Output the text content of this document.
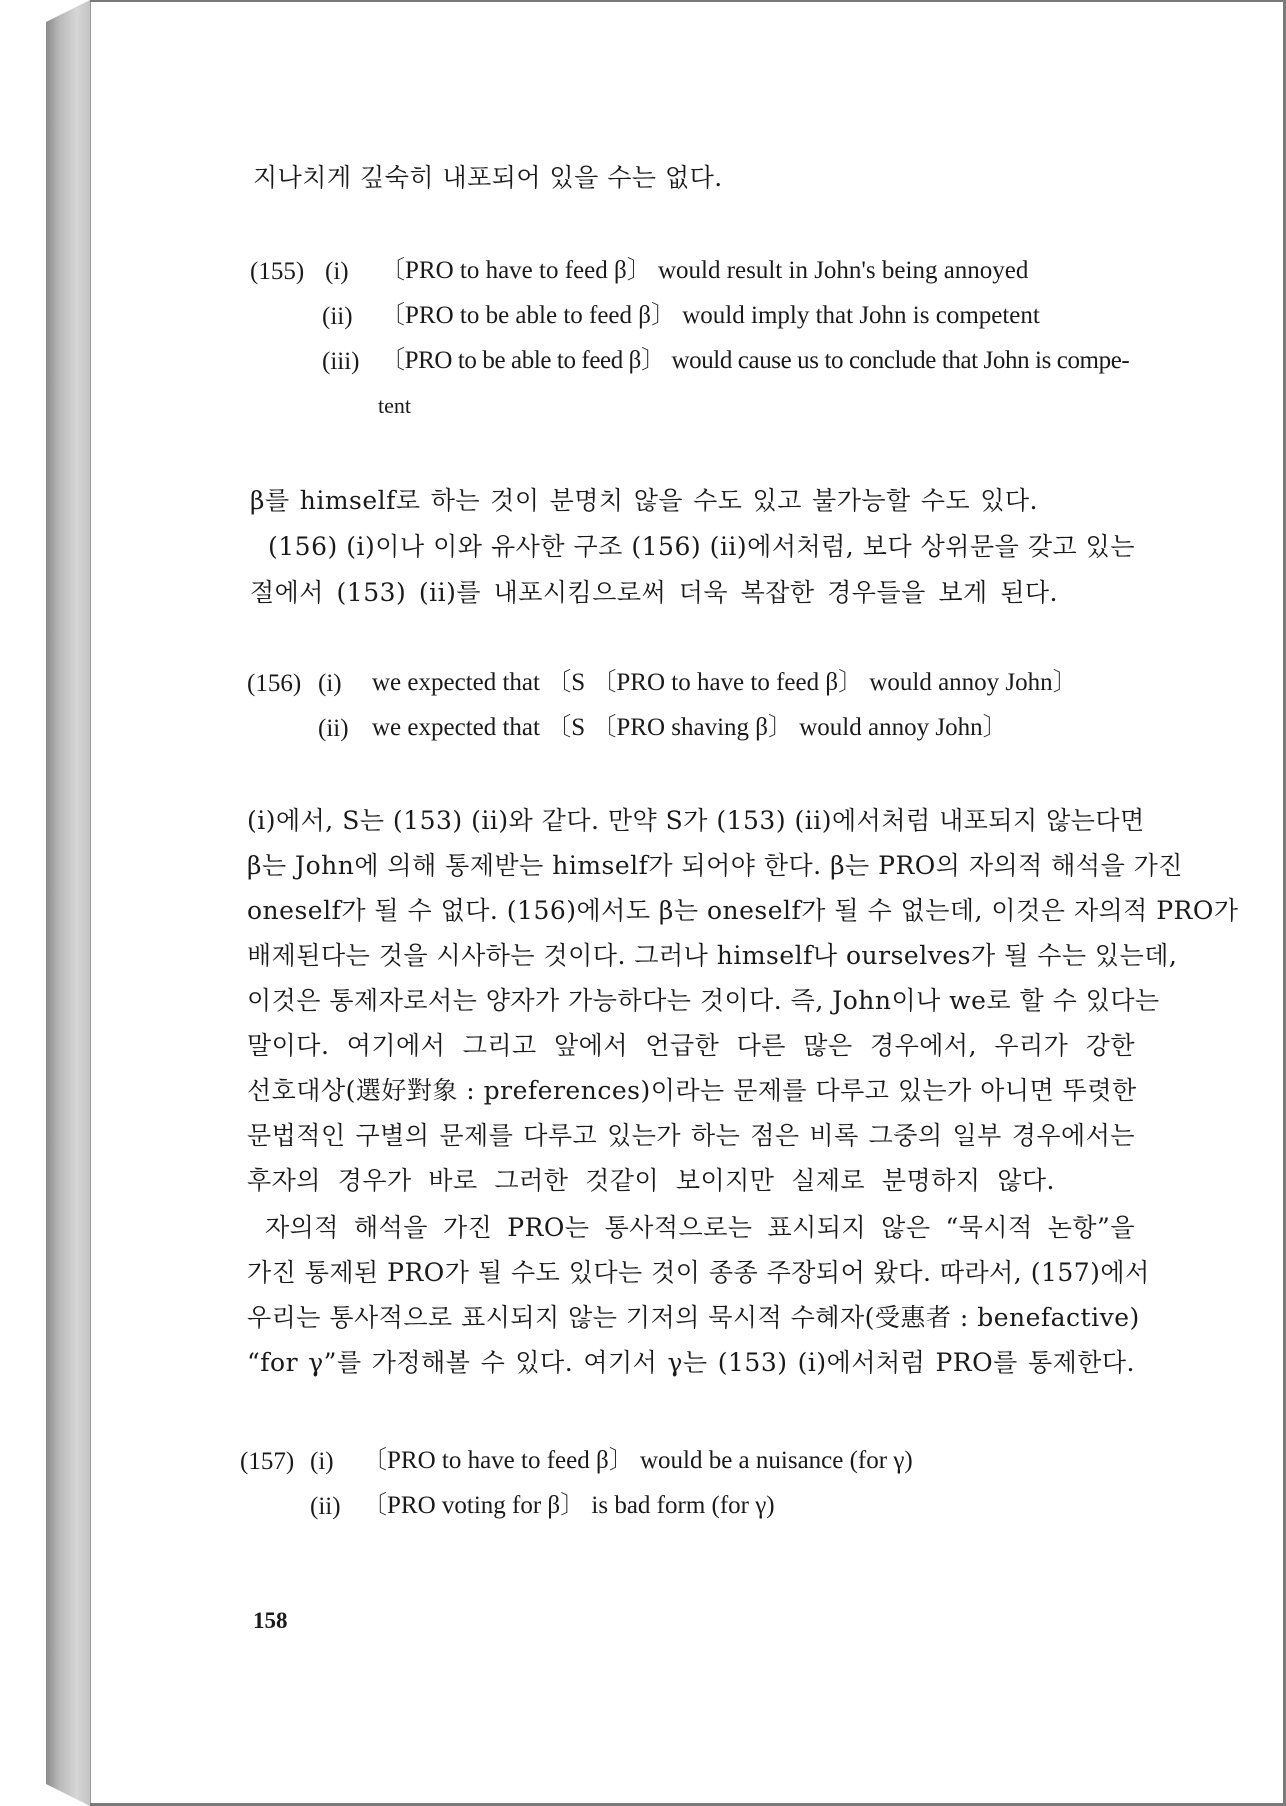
지나치게 깊숙히 내포되어 있을 수는 없다.
(155) (i) 〔PRO to have to feed β〕 would result in John's being annoyed
(ii) 〔PRO to be able to feed β〕 would imply that John is competent
(iii) 〔PRO to be able to feed β〕 would cause us to conclude that John is compe-
tent
β를 himself로 하는 것이 분명치 않을 수도 있고 불가능할 수도 있다.
(156) (i)이나 이와 유사한 구조 (156) (ii)에서처럼, 보다 상위문을 갖고 있는
절에서 (153) (ii)를 내포시킴으로써 더욱 복잡한 경우들을 보게 된다.
(156) (i) we expected that 〔S 〔PRO to have to feed β〕 would annoy John〕
(ii) we expected that 〔S 〔PRO shaving β〕 would annoy John〕
(i)에서, S는 (153) (ii)와 같다. 만약 S가 (153) (ii)에서처럼 내포되지 않는다면
β는 John에 의해 통제받는 himself가 되어야 한다. β는 PRO의 자의적 해석을 가진
oneself가 될 수 없다. (156)에서도 β는 oneself가 될 수 없는데, 이것은 자의적 PRO가
배제된다는 것을 시사하는 것이다. 그러나 himself나 ourselves가 될 수는 있는데,
이것은 통제자로서는 양자가 가능하다는 것이다. 즉, John이나 we로 할 수 있다는
말이다. 여기에서 그리고 앞에서 언급한 다른 많은 경우에서, 우리가 강한
선호대상(選好對象 : preferences)이라는 문제를 다루고 있는가 아니면 뚜렷한
문법적인 구별의 문제를 다루고 있는가 하는 점은 비록 그중의 일부 경우에서는
후자의 경우가 바로 그러한 것같이 보이지만 실제로 분명하지 않다.
자의적 해석을 가진 PRO는 통사적으로는 표시되지 않은 “묵시적 논항”을
가진 통제된 PRO가 될 수도 있다는 것이 종종 주장되어 왔다. 따라서, (157)에서
우리는 통사적으로 표시되지 않는 기저의 묵시적 수혜자(受惠者 : benefactive)
“for γ”를 가정해볼 수 있다. 여기서 γ는 (153) (i)에서처럼 PRO를 통제한다.
(157) (i) 〔PRO to have to feed β〕 would be a nuisance (for γ)
(ii) 〔PRO voting for β〕 is bad form (for γ)
158
